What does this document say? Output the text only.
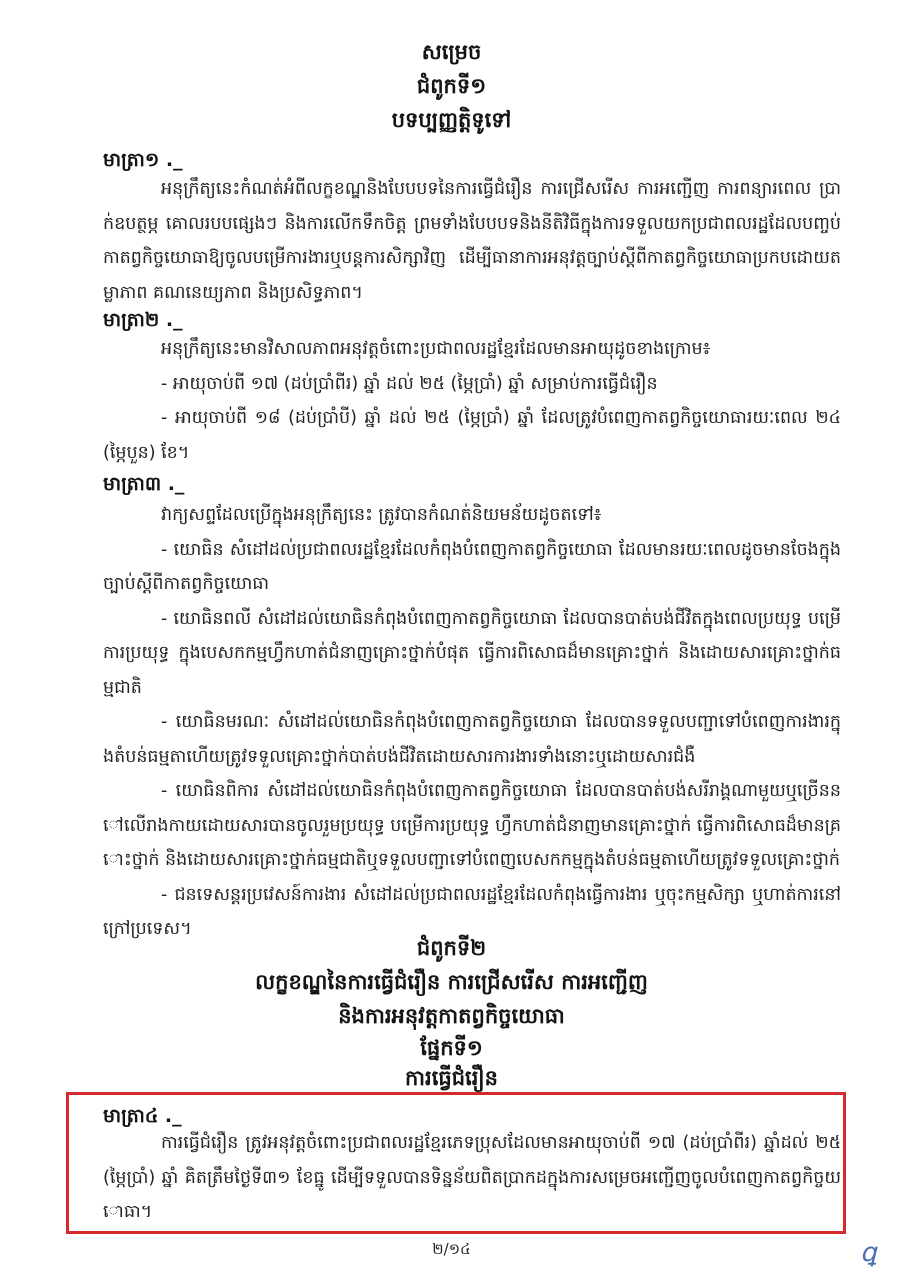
សម្រេច
ជំពូកទី១
បទប្បញ្ញត្តិទូទៅ
មាត្រា១ ._
អនុក្រឹត្យនេះកំណត់អំពីលក្ខខណ្ឌនិងបែបបទនៃការធ្វើជំរឿន ការជ្រើសរើស ការអញ្ជើញ ការពន្យារពេល ប្រាក់ឧបត្ថម្ភ គោលរបបផ្សេងៗ និងការលើកទឹកចិត្ត ព្រមទាំងបែបបទនិងនីតិវិធីក្នុងការទទួលយកប្រជាពលរដ្ឋដែលបញ្ចប់កាតព្វកិច្ចយោធាឱ្យចូលបម្រើការងារឬបន្តការសិក្សាវិញ ដើម្បីធានាការអនុវត្តច្បាប់ស្តីពីកាតព្វកិច្ចយោធាប្រកបដោយតម្លាភាព គណនេយ្យភាព និងប្រសិទ្ធភាព។
មាត្រា២ ._
អនុក្រឹត្យនេះមានវិសាលភាពអនុវត្តចំពោះប្រជាពលរដ្ឋខ្មែរដែលមានអាយុដូចខាងក្រោម៖
- អាយុចាប់ពី ១៧ (ដប់ប្រាំពីរ) ឆ្នាំ ដល់ ២៥ (ម្ភៃប្រាំ) ឆ្នាំ សម្រាប់ការធ្វើជំរឿន
- អាយុចាប់ពី ១៨ (ដប់ប្រាំបី) ឆ្នាំ ដល់ ២៥ (ម្ភៃប្រាំ) ឆ្នាំ ដែលត្រូវបំពេញកាតព្វកិច្ចយោធារយៈពេល ២៤ (ម្ភៃបួន) ខែ។
មាត្រា៣ ._
វាក្យសព្ទដែលប្រើក្នុងអនុក្រឹត្យនេះ ត្រូវបានកំណត់និយមន័យដូចតទៅ៖
- យោធិន សំដៅដល់ប្រជាពលរដ្ឋខ្មែរដែលកំពុងបំពេញកាតព្វកិច្ចយោធា ដែលមានរយៈពេលដូចមានចែងក្នុងច្បាប់ស្តីពីកាតព្វកិច្ចយោធា
- យោធិនពលី សំដៅដល់យោធិនកំពុងបំពេញកាតព្វកិច្ចយោធា ដែលបានបាត់បង់ជីវិតក្នុងពេលប្រយុទ្ធ បម្រើការប្រយុទ្ធ ក្នុងបេសកកម្មហ្វឹកហាត់ជំនាញគ្រោះថ្នាក់បំផុត ធ្វើការពិសោធដ៏មានគ្រោះថ្នាក់ និងដោយសារគ្រោះថ្នាក់ធម្មជាតិ
- យោធិនមរណៈ សំដៅដល់យោធិនកំពុងបំពេញកាតព្វកិច្ចយោធា ដែលបានទទួលបញ្ជាទៅបំពេញការងារក្នុងតំបន់ធម្មតាហើយត្រូវទទួលគ្រោះថ្នាក់បាត់បង់ជីវិតដោយសារការងារទាំងនោះឬដោយសារជំងឺ
- យោធិនពិការ សំដៅដល់យោធិនកំពុងបំពេញកាតព្វកិច្ចយោធា ដែលបានបាត់បង់សរីរាង្គណាមួយឬច្រើននៅលើរាងកាយដោយសារបានចូលរួមប្រយុទ្ធ បម្រើការប្រយុទ្ធ ហ្វឹកហាត់ជំនាញមានគ្រោះថ្នាក់ ធ្វើការពិសោធដ៏មានគ្រោះថ្នាក់ និងដោយសារគ្រោះថ្នាក់ធម្មជាតិឬទទួលបញ្ជាទៅបំពេញបេសកកម្មក្នុងតំបន់ធម្មតាហើយត្រូវទទួលគ្រោះថ្នាក់
- ជនទេសន្តរប្រវេសន៍ការងារ សំដៅដល់ប្រជាពលរដ្ឋខ្មែរដែលកំពុងធ្វើការងារ ឬចុះកម្មសិក្សា ឬហាត់ការនៅក្រៅប្រទេស។
ជំពូកទី២
លក្ខខណ្ឌនៃការធ្វើជំរឿន ការជ្រើសរើស ការអញ្ជើញ
និងការអនុវត្តកាតព្វកិច្ចយោធា
ផ្នែកទី១
ការធ្វើជំរឿន
មាត្រា៤ ._
ការធ្វើជំរឿន ត្រូវអនុវត្តចំពោះប្រជាពលរដ្ឋខ្មែរភេទប្រុសដែលមានអាយុចាប់ពី ១៧ (ដប់ប្រាំពីរ) ឆ្នាំដល់ ២៥ (ម្ភៃប្រាំ) ឆ្នាំ គិតត្រឹមថ្ងៃទី៣១ ខែធ្នូ ដើម្បីទទួលបានទិន្នន័យពិតប្រាកដក្នុងការសម្រេចអញ្ជើញចូលបំពេញកាតព្វកិច្ចយោធា។
២/១៤	ꝗ
